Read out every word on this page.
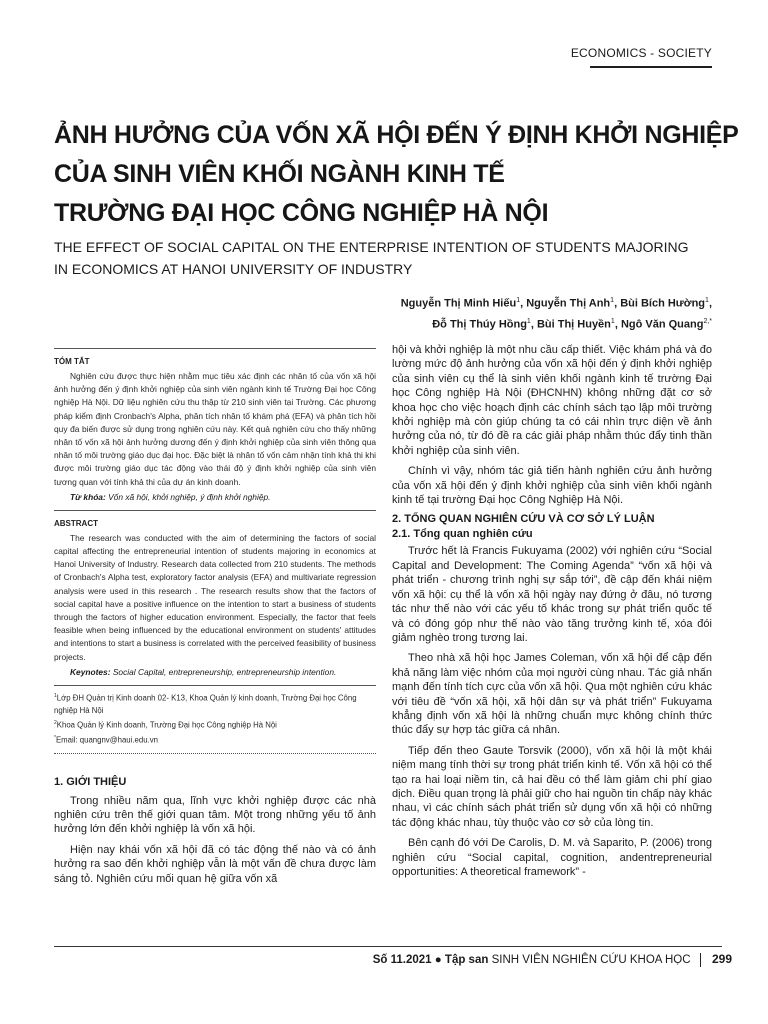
ECONOMICS - SOCIETY
ẢNH HƯỞNG CỦA VỐN XÃ HỘI ĐẾN Ý ĐỊNH KHỞI NGHIỆP
CỦA SINH VIÊN KHỐI NGÀNH KINH TẾ
TRƯỜNG ĐẠI HỌC CÔNG NGHIỆP HÀ NỘI
THE EFFECT OF SOCIAL CAPITAL ON THE ENTERPRISE INTENTION OF STUDENTS MAJORING
IN ECONOMICS AT HANOI UNIVERSITY OF INDUSTRY
Nguyễn Thị Minh Hiếu$^1$, Nguyễn Thị Anh$^1$, Bùi Bích Hường$^1$,
Đỗ Thị Thúy Hồng$^1$, Bùi Thị Huyền$^1$, Ngô Văn Quang$^{2,*}$
TÓM TẮT

Nghiên cứu được thực hiện nhằm mục tiêu xác định các nhân tố của vốn xã hội ảnh hưởng đến ý định khởi nghiệp của sinh viên ngành kinh tế Trường Đại học Công nghiệp Hà Nội. Dữ liệu nghiên cứu thu thập từ 210 sinh viên tại Trường. Các phương pháp kiểm định Cronbach's Alpha, phân tích nhân tố khám phá (EFA) và phân tích hồi quy đa biến được sử dụng trong nghiên cứu này. Kết quả nghiên cứu cho thấy những nhân tố vốn xã hội ảnh hưởng dương đến ý định khởi nghiệp của sinh viên thông qua nhân tố môi trường giáo dục đại học. Đặc biệt là nhân tố vốn cảm nhận tính khả thi khi được môi trường giáo dục tác động vào thái độ ý định khởi nghiệp của sinh viên tương quan với tính khả thi của dự án kinh doanh.

Từ khóa: Vốn xã hội, khởi nghiệp, ý định khởi nghiệp.
ABSTRACT

The research was conducted with the aim of determining the factors of social capital affecting the entrepreneurial intention of students majoring in economics at Hanoi University of Industry. Research data collected from 210 students. The methods of Cronbach's Alpha test, exploratory factor analysis (EFA) and multivariate regression analysis were used in this research . The research results show that the factors of social capital have a positive influence on the intention to start a business of students through the factors of higher education environment. Especially, the factor that feels feasible when being influenced by the educational environment on students' attitudes and intentions to start a business is correlated with the perceived feasibility of business projects.

Keynotes: Social Capital, entrepreneurship, entrepreneurship intention.
$^1$Lớp ĐH Quản trị Kinh doanh 02- K13, Khoa Quản lý kinh doanh, Trường Đại học Công nghiệp Hà Nội
$^2$Khoa Quản lý Kinh doanh, Trường Đại học Công nghiệp Hà Nội
*Email: quangnv@haui.edu.vn
1. GIỚI THIỆU

Trong nhiều năm qua, lĩnh vực khởi nghiệp được các nhà nghiên cứu trên thế giới quan tâm. Một trong những yếu tố ảnh hưởng lớn đến khởi nghiệp là vốn xã hội.

Hiện nay khái vốn xã hội đã có tác động thế nào và có ảnh hưởng ra sao đến khởi nghiệp vẫn là một vấn đề chưa được làm sáng tỏ. Nghiên cứu mối quan hệ giữa vốn xã

hội và khởi nghiệp là một nhu cầu cấp thiết. Việc khám phá và đo lường mức độ ảnh hưởng của vốn xã hội đến ý định khởi nghiệp của sinh viên cụ thể là sinh viên khối ngành kinh tế trường Đại học Công nghiệp Hà Nội (ĐHCNHN) không những đặt cơ sở khoa học cho việc hoạch định các chính sách tạo lập môi trường khởi nghiệp mà còn giúp chúng ta có cái nhìn trực diện về ảnh hưởng của nó, từ đó đề ra các giải pháp nhằm thúc đẩy tinh thần khởi nghiệp của sinh viên.

Chính vì vậy, nhóm tác giả tiến hành nghiên cứu ảnh hưởng của vốn xã hội đến ý định khởi nghiệp của sinh viên khối ngành kinh tế tại trường Đại học Công Nghiệp Hà Nội.

2. TỔNG QUAN NGHIÊN CỨU VÀ CƠ SỞ LÝ LUẬN
2.1. Tổng quan nghiên cứu

Trước hết là Francis Fukuyama (2002) với nghiên cứu “Social Capital and Development: The Coming Agenda” “vốn xã hội và phát triển - chương trình nghị sự sắp tới”, đề cập đến khái niệm vốn xã hội: cụ thể là vốn xã hội ngày nay đứng ở đâu, nó tương tác như thế nào với các yếu tố khác trong sự phát triển quốc tế và có đóng góp như thế nào vào tăng trưởng kinh tế, xóa đói giảm nghèo trong tương lai.

Theo nhà xã hội học James Coleman, vốn xã hội để cập đến khả năng làm việc nhóm của mọi người cùng nhau. Tác giả nhấn mạnh đến tính tích cực của vốn xã hội. Qua một nghiên cứu khác với tiêu đề “vốn xã hội, xã hội dân sự và phát triển” Fukuyama khẳng định vốn xã hội là những chuẩn mực không chính thức thúc đẩy sự hợp tác giữa cá nhân.

Tiếp đến theo Gaute Torsvik (2000), vốn xã hội là một khái niệm mang tính thời sự trong phát triển kinh tế. Vốn xã hội có thể tạo ra hai loại niềm tin, cả hai đều có thể làm giảm chi phí giao dịch. Điều quan trọng là phải giữ cho hai nguồn tin chấp này khác nhau, vì các chính sách phát triển sử dụng vốn xã hội có những tác động khác nhau, tùy thuộc vào cơ sở của lòng tin.

Bên cạnh đó với De Carolis, D. M. và Saparito, P. (2006) trong nghiên cứu “Social capital, cognition, andentrepreneurial opportunities: A theoretical framework” -

Số 11.2021 ● Tập san SINH VIÊN NGHIÊN CỨU KHOA HỌC 299
